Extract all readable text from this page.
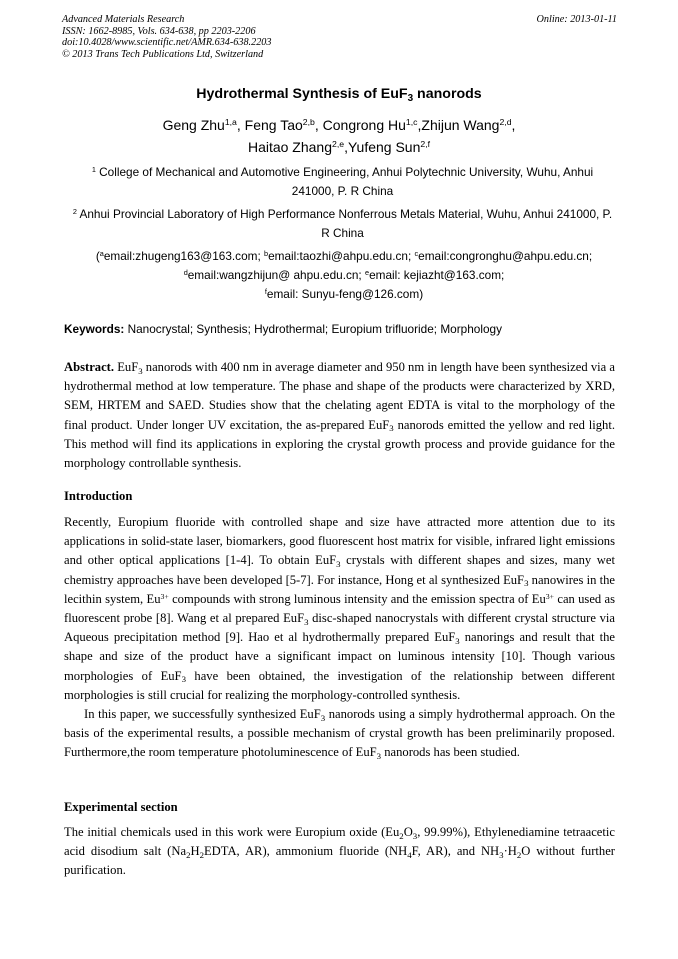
Advanced Materials Research
ISSN: 1662-8985, Vols. 634-638, pp 2203-2206
doi:10.4028/www.scientific.net/AMR.634-638.2203
© 2013 Trans Tech Publications Ltd, Switzerland
Online: 2013-01-11
Hydrothermal Synthesis of EuF$_3$ nanorods
Geng Zhu$^{1,a}$, Feng Tao$^{2,b}$, Congrong Hu$^{1,c}$,Zhijun Wang$^{2,d}$,
Haitao Zhang$^{2,e}$,Yufeng Sun$^{2,f}$
$^1$ College of Mechanical and Automotive Engineering, Anhui Polytechnic University, Wuhu, Anhui 241000, P. R China
$^2$ Anhui Provincial Laboratory of High Performance Nonferrous Metals Material, Wuhu, Anhui 241000, P. R China
($^a$email:zhugeng163@163.com; $^b$email:taozhi@ahpu.edu.cn; $^c$email:congronghu@ahpu.edu.cn;
$^d$email:wangzhijun@ ahpu.edu.cn; $^e$email: kejiazht@163.com;
$^f$email: Sunyu-feng@126.com)
Keywords: Nanocrystal; Synthesis; Hydrothermal; Europium trifluoride; Morphology
Abstract. EuF$_3$ nanorods with 400 nm in average diameter and 950 nm in length have been synthesized via a hydrothermal method at low temperature. The phase and shape of the products were characterized by XRD, SEM, HRTEM and SAED. Studies show that the chelating agent EDTA is vital to the morphology of the final product. Under longer UV excitation, the as-prepared EuF$_3$ nanorods emitted the yellow and red light. This method will find its applications in exploring the crystal growth process and provide guidance for the morphology controllable synthesis.
Introduction
Recently, Europium fluoride with controlled shape and size have attracted more attention due to its applications in solid-state laser, biomarkers, good fluorescent host matrix for visible, infrared light emissions and other optical applications [1-4]. To obtain EuF$_3$ crystals with different shapes and sizes, many wet chemistry approaches have been developed [5-7]. For instance, Hong et al synthesized EuF$_3$ nanowires in the lecithin system, $Eu^{3+}$ compounds with strong luminous intensity and the emission spectra of $Eu^{3+}$ can used as fluorescent probe [8]. Wang et al prepared EuF$_3$ disc-shaped nanocrystals with different crystal structure via Aqueous precipitation method [9]. Hao et al hydrothermally prepared EuF$_3$ nanorings and result that the shape and size of the product have a significant impact on luminous intensity [10]. Though various morphologies of EuF$_3$ have been obtained, the investigation of the relationship between different morphologies is still crucial for realizing the morphology-controlled synthesis.
In this paper, we successfully synthesized EuF$_3$ nanorods using a simply hydrothermal approach. On the basis of the experimental results, a possible mechanism of crystal growth has been preliminarily proposed. Furthermore,the room temperature photoluminescence of EuF$_3$ nanorods has been studied.
Experimental section
The initial chemicals used in this work were Europium oxide ($Eu_2O_3$, 99.99%), Ethylenediamine tetraacetic acid disodium salt ($Na_2H_2EDTA$, AR), ammonium fluoride ($NH_4F$, AR), and $NH_3\cdot H_2O$ without further purification.
